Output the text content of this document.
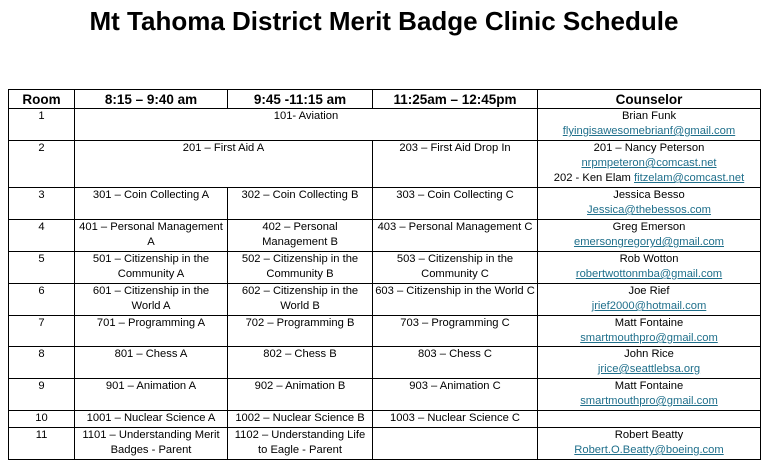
Mt Tahoma District Merit Badge Clinic Schedule
Room	8:15 – 9:40 am	9:45 -11:15 am	11:25am – 12:45pm	Counselor
1	101- Aviation			Brian Funk
flyingisawesomebrianf@gmail.com

2	201 – First Aid A		203 – First Aid Drop In	201 – Nancy Peterson
nrpmpeteron@comcast.net
202 - Ken Elam fitzelam@comcast.net

3	301 – Coin Collecting A	302 – Coin Collecting B	303 – Coin Collecting C	Jessica Besso
Jessica@thebessos.com

4	401 – Personal Management A	402 – Personal Management B	403 – Personal Management C	Greg Emerson
emersongregoryd@gmail.com

5	501 – Citizenship in the Community A	502 – Citizenship in the Community B	503 – Citizenship in the Community C	Rob Wotton
robertwottonmba@gmail.com

6	601 – Citizenship in the World A	602 – Citizenship in the World B	603 – Citizenship in the World C	Joe Rief
jrief2000@hotmail.com

7	701 – Programming A	702 – Programming B	703 – Programming C	Matt Fontaine
smartmouthpro@gmail.com

8	801 – Chess A	802 – Chess B	803 – Chess C	John Rice
jrice@seattlebsa.org

9	901 – Animation A	902 – Animation B	903 – Animation C	Matt Fontaine
smartmouthpro@gmail.com

10	1001 – Nuclear Science A	1002 – Nuclear Science B	1003 – Nuclear Science C	

11	1101 – Understanding Merit Badges - Parent	1102 – Understanding Life to Eagle - Parent		Robert Beatty
Robert.O.Beatty@boeing.com
